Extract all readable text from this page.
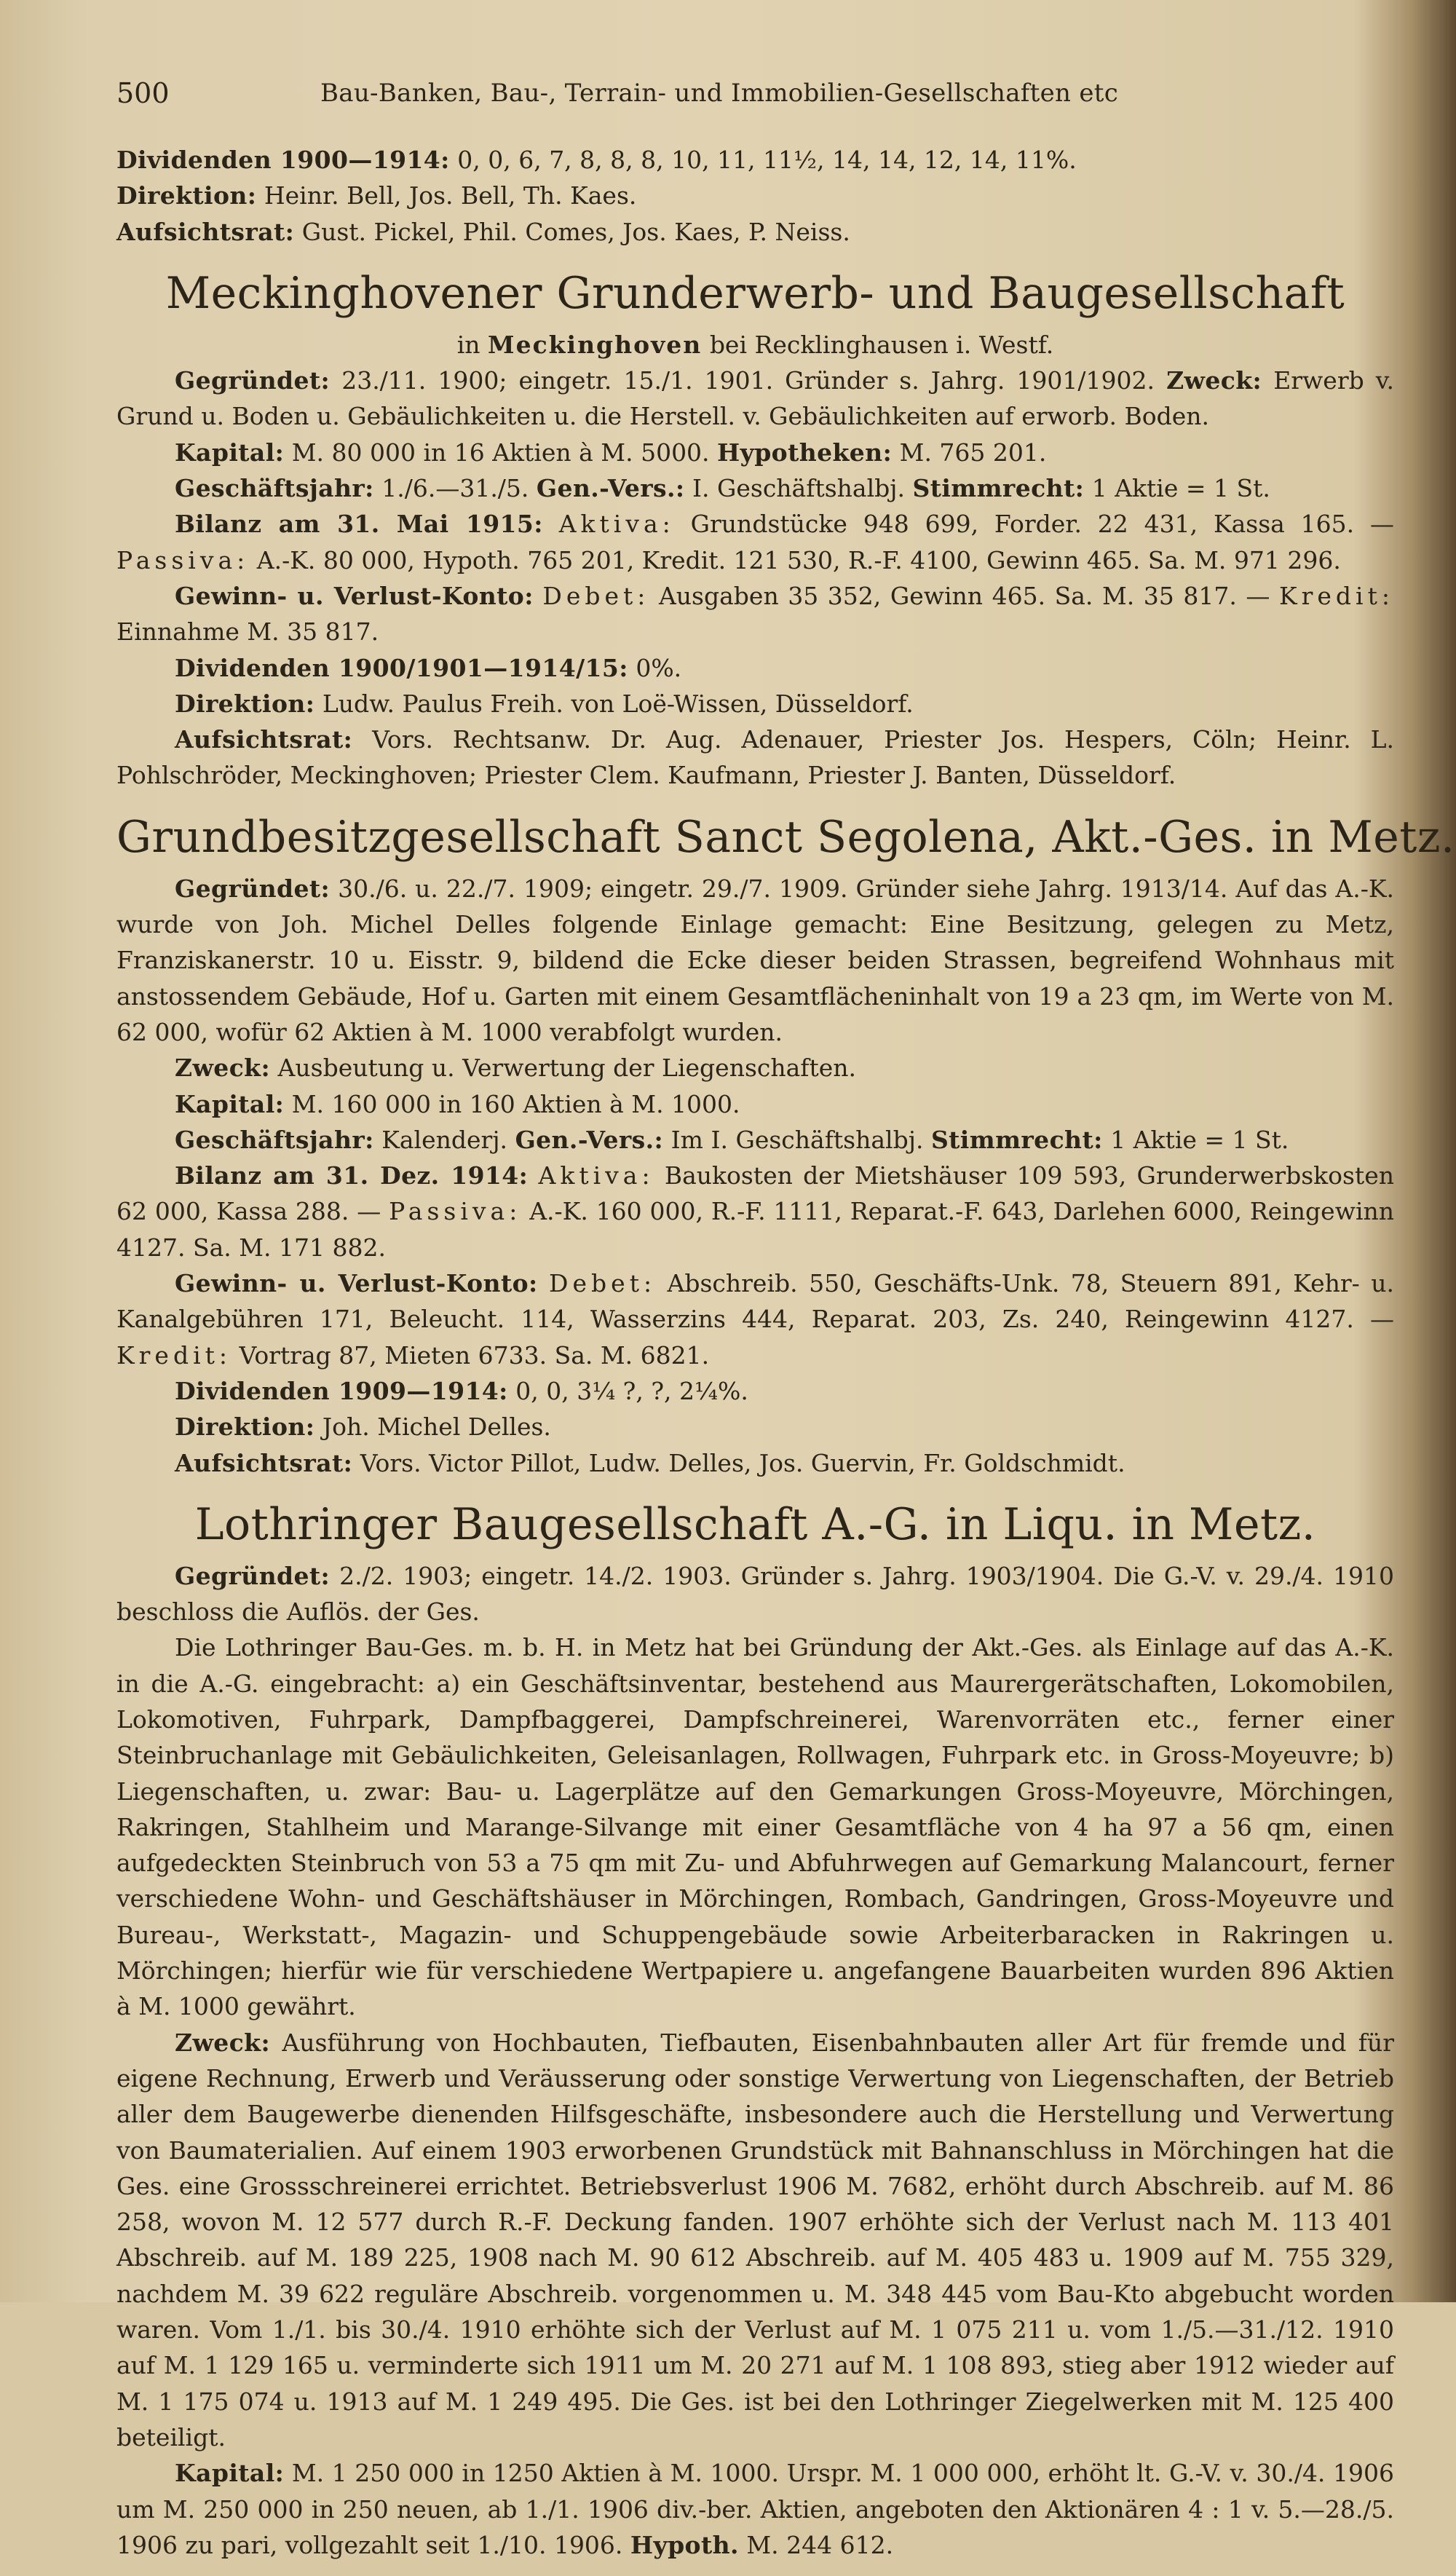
500	Bau-Banken, Bau-, Terrain- und Immobilien-Gesellschaften etc

Dividenden 1900—1914: 0, 0, 6, 7, 8, 8, 8, 10, 11, 11½, 14, 14, 12, 14, 11%.

Direktion: Heinr. Bell, Jos. Bell, Th. Kaes.

Aufsichtsrat: Gust. Pickel, Phil. Comes, Jos. Kaes, P. Neiss.

Meckinghovener Grunderwerb- und Baugesellschaft

in Meckinghoven bei Recklinghausen i. Westf.

Gegründet: 23./11. 1900; eingetr. 15./1. 1901. Gründer s. Jahrg. 1901/1902. Zweck: Erwerb v. Grund u. Boden u. Gebäulichkeiten u. die Herstell. v. Gebäulichkeiten auf erworb. Boden.

Kapital: M. 80 000 in 16 Aktien à M. 5000. Hypotheken: M. 765 201.

Geschäftsjahr: 1./6.—31./5. Gen.-Vers.: I. Geschäftshalbj. Stimmrecht: 1 Aktie = 1 St.

Bilanz am 31. Mai 1915: Aktiva: Grundstücke 948 699, Forder. 22 431, Kassa 165. — Passiva: A.-K. 80 000, Hypoth. 765 201, Kredit. 121 530, R.-F. 4100, Gewinn 465. Sa. M. 971 296.

Gewinn- u. Verlust-Konto: Debet: Ausgaben 35 352, Gewinn 465. Sa. M. 35 817. — Kredit: Einnahme M. 35 817.

Dividenden 1900/1901—1914/15: 0%.

Direktion: Ludw. Paulus Freih. von Loë-Wissen, Düsseldorf.

Aufsichtsrat: Vors. Rechtsanw. Dr. Aug. Adenauer, Priester Jos. Hespers, Cöln; Heinr. L. Pohlschröder, Meckinghoven; Priester Clem. Kaufmann, Priester J. Banten, Düsseldorf.

Grundbesitzgesellschaft Sanct Segolena, Akt.-Ges. in Metz.

Gegründet: 30./6. u. 22./7. 1909; eingetr. 29./7. 1909. Gründer siehe Jahrg. 1913/14. Auf das A.-K. wurde von Joh. Michel Delles folgende Einlage gemacht: Eine Besitzung, gelegen zu Metz, Franziskanerstr. 10 u. Eisstr. 9, bildend die Ecke dieser beiden Strassen, begreifend Wohnhaus mit anstossendem Gebäude, Hof u. Garten mit einem Gesamtflächeninhalt von 19 a 23 qm, im Werte von M. 62 000, wofür 62 Aktien à M. 1000 verabfolgt wurden.

Zweck: Ausbeutung u. Verwertung der Liegenschaften.

Kapital: M. 160 000 in 160 Aktien à M. 1000.

Geschäftsjahr: Kalenderj. Gen.-Vers.: Im I. Geschäftshalbj. Stimmrecht: 1 Aktie = 1 St.

Bilanz am 31. Dez. 1914: Aktiva: Baukosten der Mietshäuser 109 593, Grunderwerbskosten 62 000, Kassa 288. — Passiva: A.-K. 160 000, R.-F. 1111, Reparat.-F. 643, Darlehen 6000, Reingewinn 4127. Sa. M. 171 882.

Gewinn- u. Verlust-Konto: Debet: Abschreib. 550, Geschäfts-Unk. 78, Steuern 891, Kehr- u. Kanalgebühren 171, Beleucht. 114, Wasserzins 444, Reparat. 203, Zs. 240, Reingewinn 4127. — Kredit: Vortrag 87, Mieten 6733. Sa. M. 6821.

Dividenden 1909—1914: 0, 0, 3¼ ?, ?, 2¼%.

Direktion: Joh. Michel Delles.

Aufsichtsrat: Vors. Victor Pillot, Ludw. Delles, Jos. Guervin, Fr. Goldschmidt.

Lothringer Baugesellschaft A.-G. in Liqu. in Metz.

Gegründet: 2./2. 1903; eingetr. 14./2. 1903. Gründer s. Jahrg. 1903/1904. Die G.-V. v. 29./4. 1910 beschloss die Auflös. der Ges.

Die Lothringer Bau-Ges. m. b. H. in Metz hat bei Gründung der Akt.-Ges. als Einlage auf das A.-K. in die A.-G. eingebracht: a) ein Geschäftsinventar, bestehend aus Maurergerätschaften, Lokomobilen, Lokomotiven, Fuhrpark, Dampfbaggerei, Dampfschreinerei, Warenvorräten etc., ferner einer Steinbruchanlage mit Gebäulichkeiten, Geleisanlagen, Rollwagen, Fuhrpark etc. in Gross-Moyeuvre; b) Liegenschaften, u. zwar: Bau- u. Lagerplätze auf den Gemarkungen Gross-Moyeuvre, Mörchingen, Rakringen, Stahlheim und Marange-Silvange mit einer Gesamtfläche von 4 ha 97 a 56 qm, einen aufgedeckten Steinbruch von 53 a 75 qm mit Zu- und Abfuhrwegen auf Gemarkung Malancourt, ferner verschiedene Wohn- und Geschäftshäuser in Mörchingen, Rombach, Gandringen, Gross-Moyeuvre und Bureau-, Werkstatt-, Magazin- und Schuppengebäude sowie Arbeiterbaracken in Rakringen u. Mörchingen; hierfür wie für verschiedene Wertpapiere u. angefangene Bauarbeiten wurden 896 Aktien à M. 1000 gewährt.

Zweck: Ausführung von Hochbauten, Tiefbauten, Eisenbahnbauten aller Art für fremde und für eigene Rechnung, Erwerb und Veräusserung oder sonstige Verwertung von Liegenschaften, der Betrieb aller dem Baugewerbe dienenden Hilfsgeschäfte, insbesondere auch die Herstellung und Verwertung von Baumaterialien. Auf einem 1903 erworbenen Grundstück mit Bahnanschluss in Mörchingen hat die Ges. eine Grossschreinerei errichtet. Betriebsverlust 1906 M. 7682, erhöht durch Abschreib. auf M. 86 258, wovon M. 12 577 durch R.-F. Deckung fanden. 1907 erhöhte sich der Verlust nach M. 113 401 Abschreib. auf M. 189 225, 1908 nach M. 90 612 Abschreib. auf M. 405 483 u. 1909 auf M. 755 329, nachdem M. 39 622 reguläre Abschreib. vorgenommen u. M. 348 445 vom Bau-Kto abgebucht worden waren. Vom 1./1. bis 30./4. 1910 erhöhte sich der Verlust auf M. 1 075 211 u. vom 1./5.—31./12. 1910 auf M. 1 129 165 u. verminderte sich 1911 um M. 20 271 auf M. 1 108 893, stieg aber 1912 wieder auf M. 1 175 074 u. 1913 auf M. 1 249 495. Die Ges. ist bei den Lothringer Ziegelwerken mit M. 125 400 beteiligt.

Kapital: M. 1 250 000 in 1250 Aktien à M. 1000. Urspr. M. 1 000 000, erhöht lt. G.-V. v. 30./4. 1906 um M. 250 000 in 250 neuen, ab 1./1. 1906 div.-ber. Aktien, angeboten den Aktionären 4 : 1 v. 5.—28./5. 1906 zu pari, vollgezahlt seit 1./10. 1906. Hypoth. M. 244 612.
